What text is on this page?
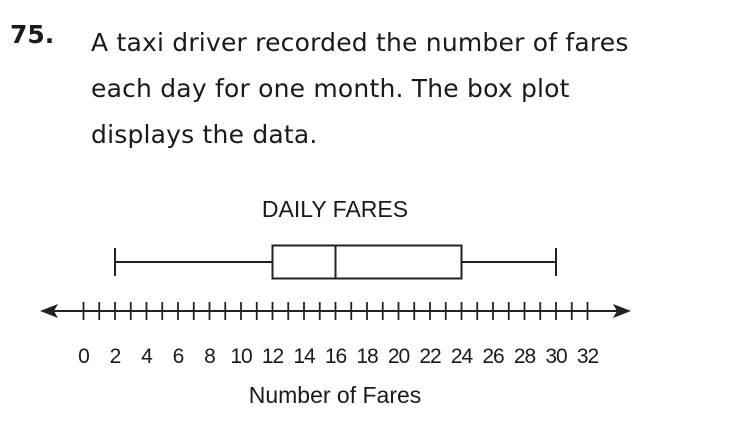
75. A taxi driver recorded the number of fares
each day for one month. The box plot
displays the data.
DAILY FARES
0 2 4 6 8 10 12 14 16 18 20 22 24 26 28 30 32
Number of Fares
